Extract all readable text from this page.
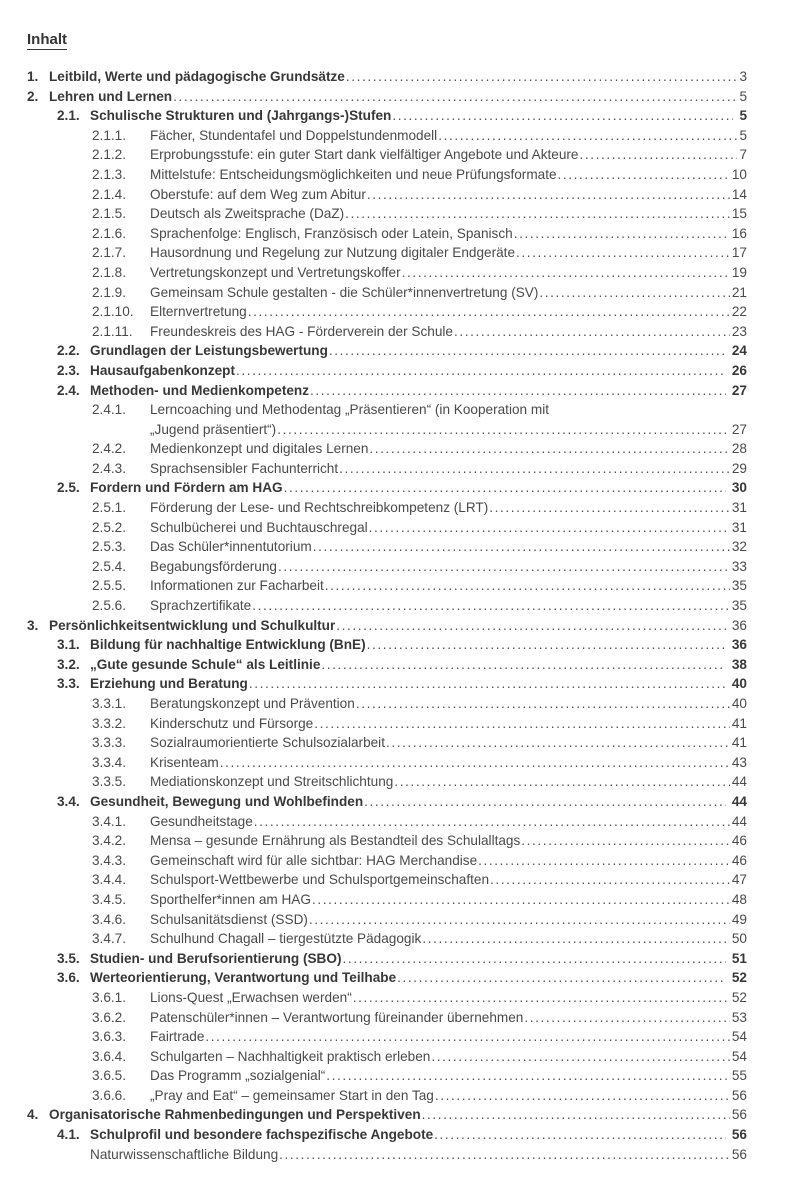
Inhalt
1. Leitbild, Werte und pädagogische Grundsätze .....	3
2. Lehren und Lernen .....	5
2.1. Schulische Strukturen und (Jahrgangs-)Stufen .....	5
2.1.1.	Fächer, Stundentafel und Doppelstundenmodell .....	5
2.1.2.	Erprobungsstufe: ein guter Start dank vielfältiger Angebote und Akteure .....	7
2.1.3.	Mittelstufe: Entscheidungsmöglichkeiten und neue Prüfungsformate .....	10
2.1.4.	Oberstufe: auf dem Weg zum Abitur .....	14
2.1.5.	Deutsch als Zweitsprache (DaZ) .....	15
2.1.6.	Sprachenfolge: Englisch, Französisch oder Latein, Spanisch .....	16
2.1.7.	Hausordnung und Regelung zur Nutzung digitaler Endgeräte .....	17
2.1.8.	Vertretungskonzept und Vertretungskoffer .....	19
2.1.9.	Gemeinsam Schule gestalten - die Schüler*innenvertretung (SV) .....	21
2.1.10.	Elternvertretung .....	22
2.1.11.	Freundeskreis des HAG - Förderverein der Schule .....	23
2.2. Grundlagen der Leistungsbewertung .....	24
2.3. Hausaufgabenkonzept .....	26
2.4. Methoden- und Medienkompetenz .....	27
2.4.1.	Lerncoaching und Methodentag „Präsentieren“ (in Kooperation mit
„Jugend präsentiert“) .....	27
2.4.2.	Medienkonzept und digitales Lernen .....	28
2.4.3.	Sprachsensibler Fachunterricht .....	29
2.5. Fordern und Fördern am HAG .....	30
2.5.1.	Förderung der Lese- und Rechtschreibkompetenz (LRT) .....	31
2.5.2.	Schulbücherei und Buchtauschregal .....	31
2.5.3.	Das Schüler*innentutorium .....	32
2.5.4.	Begabungsförderung .....	33
2.5.5.	Informationen zur Facharbeit .....	35
2.5.6.	Sprachzertifikate .....	35
3. Persönlichkeitsentwicklung und Schulkultur .....	36
3.1. Bildung für nachhaltige Entwicklung (BnE) .....	36
3.2. „Gute gesunde Schule“ als Leitlinie .....	38
3.3. Erziehung und Beratung .....	40
3.3.1.	Beratungskonzept und Prävention .....	40
3.3.2.	Kinderschutz und Fürsorge .....	41
3.3.3.	Sozialraumorientierte Schulsozialarbeit .....	41
3.3.4.	Krisenteam .....	43
3.3.5.	Mediationskonzept und Streitschlichtung .....	44
3.4. Gesundheit, Bewegung und Wohlbefinden .....	44
3.4.1.	Gesundheitstage .....	44
3.4.2.	Mensa – gesunde Ernährung als Bestandteil des Schulalltags .....	46
3.4.3.	Gemeinschaft wird für alle sichtbar: HAG Merchandise .....	46
3.4.4.	Schulsport-Wettbewerbe und Schulsportgemeinschaften .....	47
3.4.5.	Sporthelfer*innen am HAG .....	48
3.4.6.	Schulsanitätsdienst (SSD) .....	49
3.4.7.	Schulhund Chagall – tiergestützte Pädagogik .....	50
3.5. Studien- und Berufsorientierung (SBO) .....	51
3.6. Werteorientierung, Verantwortung und Teilhabe .....	52
3.6.1.	Lions-Quest „Erwachsen werden“ .....	52
3.6.2.	Patenschüler*innen – Verantwortung füreinander übernehmen .....	53
3.6.3.	Fairtrade .....	54
3.6.4.	Schulgarten – Nachhaltigkeit praktisch erleben .....	54
3.6.5.	Das Programm „sozialgenial“ .....	55
3.6.6.	„Pray and Eat“ – gemeinsamer Start in den Tag .....	56
4. Organisatorische Rahmenbedingungen und Perspektiven .....	56
4.1. Schulprofil und besondere fachspezifische Angebote .....	56
Naturwissenschaftliche Bildung .....	56
